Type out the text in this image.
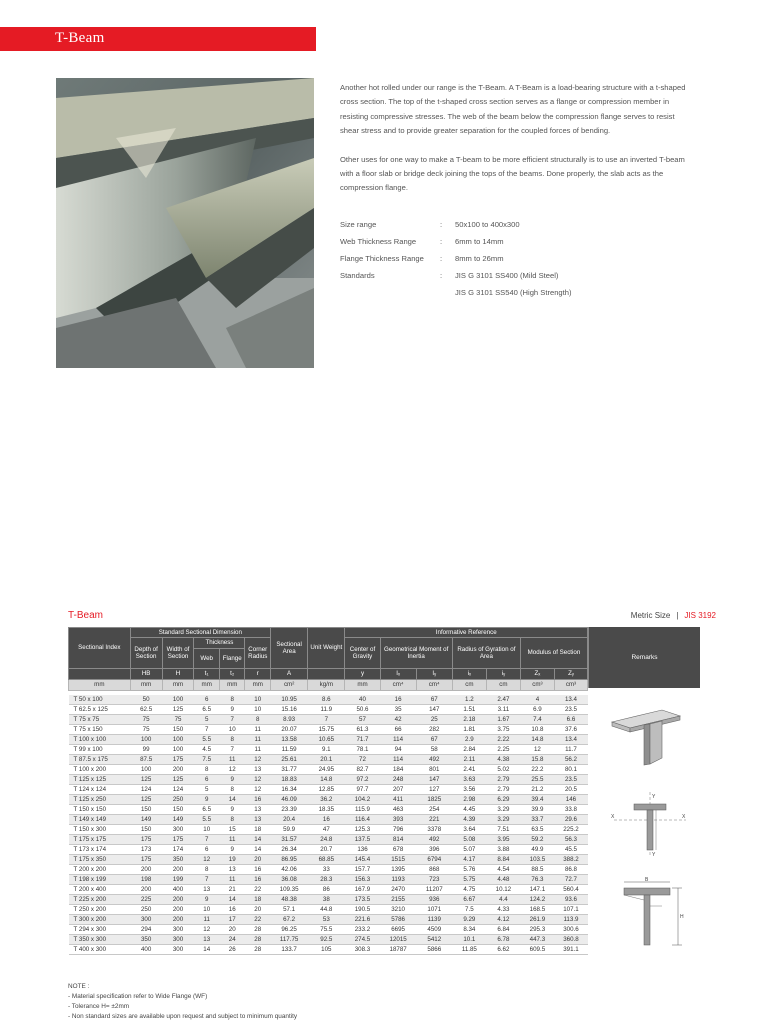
T-Beam

Another hot rolled under our range is the T-Beam. A T-Beam is a load-bearing structure with a t-shaped cross section. The top of the t-shaped cross section serves as a flange or compression member in resisting compressive stresses. The web of the beam below the compression flange serves to resist shear stress and to provide greater separation for the coupled forces of bending.

Other uses for one way to make a T-beam to be more efficient structurally is to use an inverted T-beam with a floor slab or bridge deck joining the tops of the beams. Done properly, the slab acts as the compression flange.

Size range	:	50x100 to 400x300
Web Thickness Range	:	6mm to 14mm
Flange Thickness Range	:	8mm to 26mm
Standards	:	JIS G 3101 SS400 (Mild Steel)
JIS G 3101 SS540 (High Strength)
T-Beam	Metric Size | JIS 3192
Sectional Index	Standard Sectional Dimension					Sectional Area	Unit Weight	Informative Reference						
	Depth of Section	Width of Section	Thickness		Corner Radius			Center of Gravity	Geometrical Moment of Inertia		Radius of Gyration of Area		Modulus of Section	
			Web	Flange										
	HB	H	t₁	t₂	r	A		y	Iₓ	Iᵧ	iₓ	iᵧ	Zₓ	Zᵧ
mm	mm	mm	mm	mm	mm	cm²	kg/m	mm	cm⁴	cm⁴	cm	cm	cm³	cm³

T 50 x 100	50	100	6	8	10	10.95	8.6	40	16	67	1.2	2.47	4	13.4
T 62.5 x 125	62.5	125	6.5	9	10	15.16	11.9	50.6	35	147	1.51	3.11	6.9	23.5
T 75 x 75	75	75	5	7	8	8.93	7	57	42	25	2.18	1.67	7.4	6.6
T 75 x 150	75	150	7	10	11	20.07	15.75	61.3	66	282	1.81	3.75	10.8	37.6
T 100 x 100	100	100	5.5	8	11	13.58	10.65	71.7	114	67	2.9	2.22	14.8	13.4
T 99 x 100	99	100	4.5	7	11	11.59	9.1	78.1	94	58	2.84	2.25	12	11.7
T 87.5 x 175	87.5	175	7.5	11	12	25.61	20.1	72	114	492	2.11	4.38	15.8	56.2
T 100 x 200	100	200	8	12	13	31.77	24.95	82.7	184	801	2.41	5.02	22.2	80.1
T 125 x 125	125	125	6	9	12	18.83	14.8	97.2	248	147	3.63	2.79	25.5	23.5
T 124 x 124	124	124	5	8	12	16.34	12.85	97.7	207	127	3.56	2.79	21.2	20.5
T 125 x 250	125	250	9	14	16	46.09	36.2	104.2	411	1825	2.98	6.29	39.4	146
T 150 x 150	150	150	6.5	9	13	23.39	18.35	115.9	463	254	4.45	3.29	39.9	33.8
T 149 x 149	149	149	5.5	8	13	20.4	16	116.4	393	221	4.39	3.29	33.7	29.6
T 150 x 300	150	300	10	15	18	59.9	47	125.3	796	3378	3.64	7.51	63.5	225.2
T 175 x 175	175	175	7	11	14	31.57	24.8	137.5	814	492	5.08	3.95	59.2	56.3
T 173 x 174	173	174	6	9	14	26.34	20.7	136	678	396	5.07	3.88	49.9	45.5
T 175 x 350	175	350	12	19	20	86.95	68.85	145.4	1515	6794	4.17	8.84	103.5	388.2
T 200 x 200	200	200	8	13	16	42.06	33	157.7	1395	868	5.76	4.54	88.5	86.8
T 198 x 199	198	199	7	11	16	36.08	28.3	156.3	1193	723	5.75	4.48	76.3	72.7
T 200 x 400	200	400	13	21	22	109.35	86	167.9	2470	11207	4.75	10.12	147.1	560.4
T 225 x 200	225	200	9	14	18	48.38	38	173.5	2155	936	6.67	4.4	124.2	93.6
T 250 x 200	250	200	10	16	20	57.1	44.8	190.5	3210	1071	7.5	4.33	168.5	107.1
T 300 x 200	300	200	11	17	22	67.2	53	221.6	5786	1139	9.29	4.12	261.9	113.9
T 294 x 300	294	300	12	20	28	96.25	75.5	233.2	6695	4509	8.34	6.84	295.3	300.6
T 350 x 300	350	300	13	24	28	117.75	92.5	274.5	12015	5412	10.1	6.78	447.3	360.8
T 400 x 300	400	300	14	26	28	133.7	105	308.3	18787	5866	11.85	6.62	609.5	391.1
Remarks
X	X
Y
Y
B
H
NOTE :
- Material specification refer to Wide Flange (WF)
- Tolerance H= ±2mm
- Non standard sizes are available upon request and subject to minimum quantity
